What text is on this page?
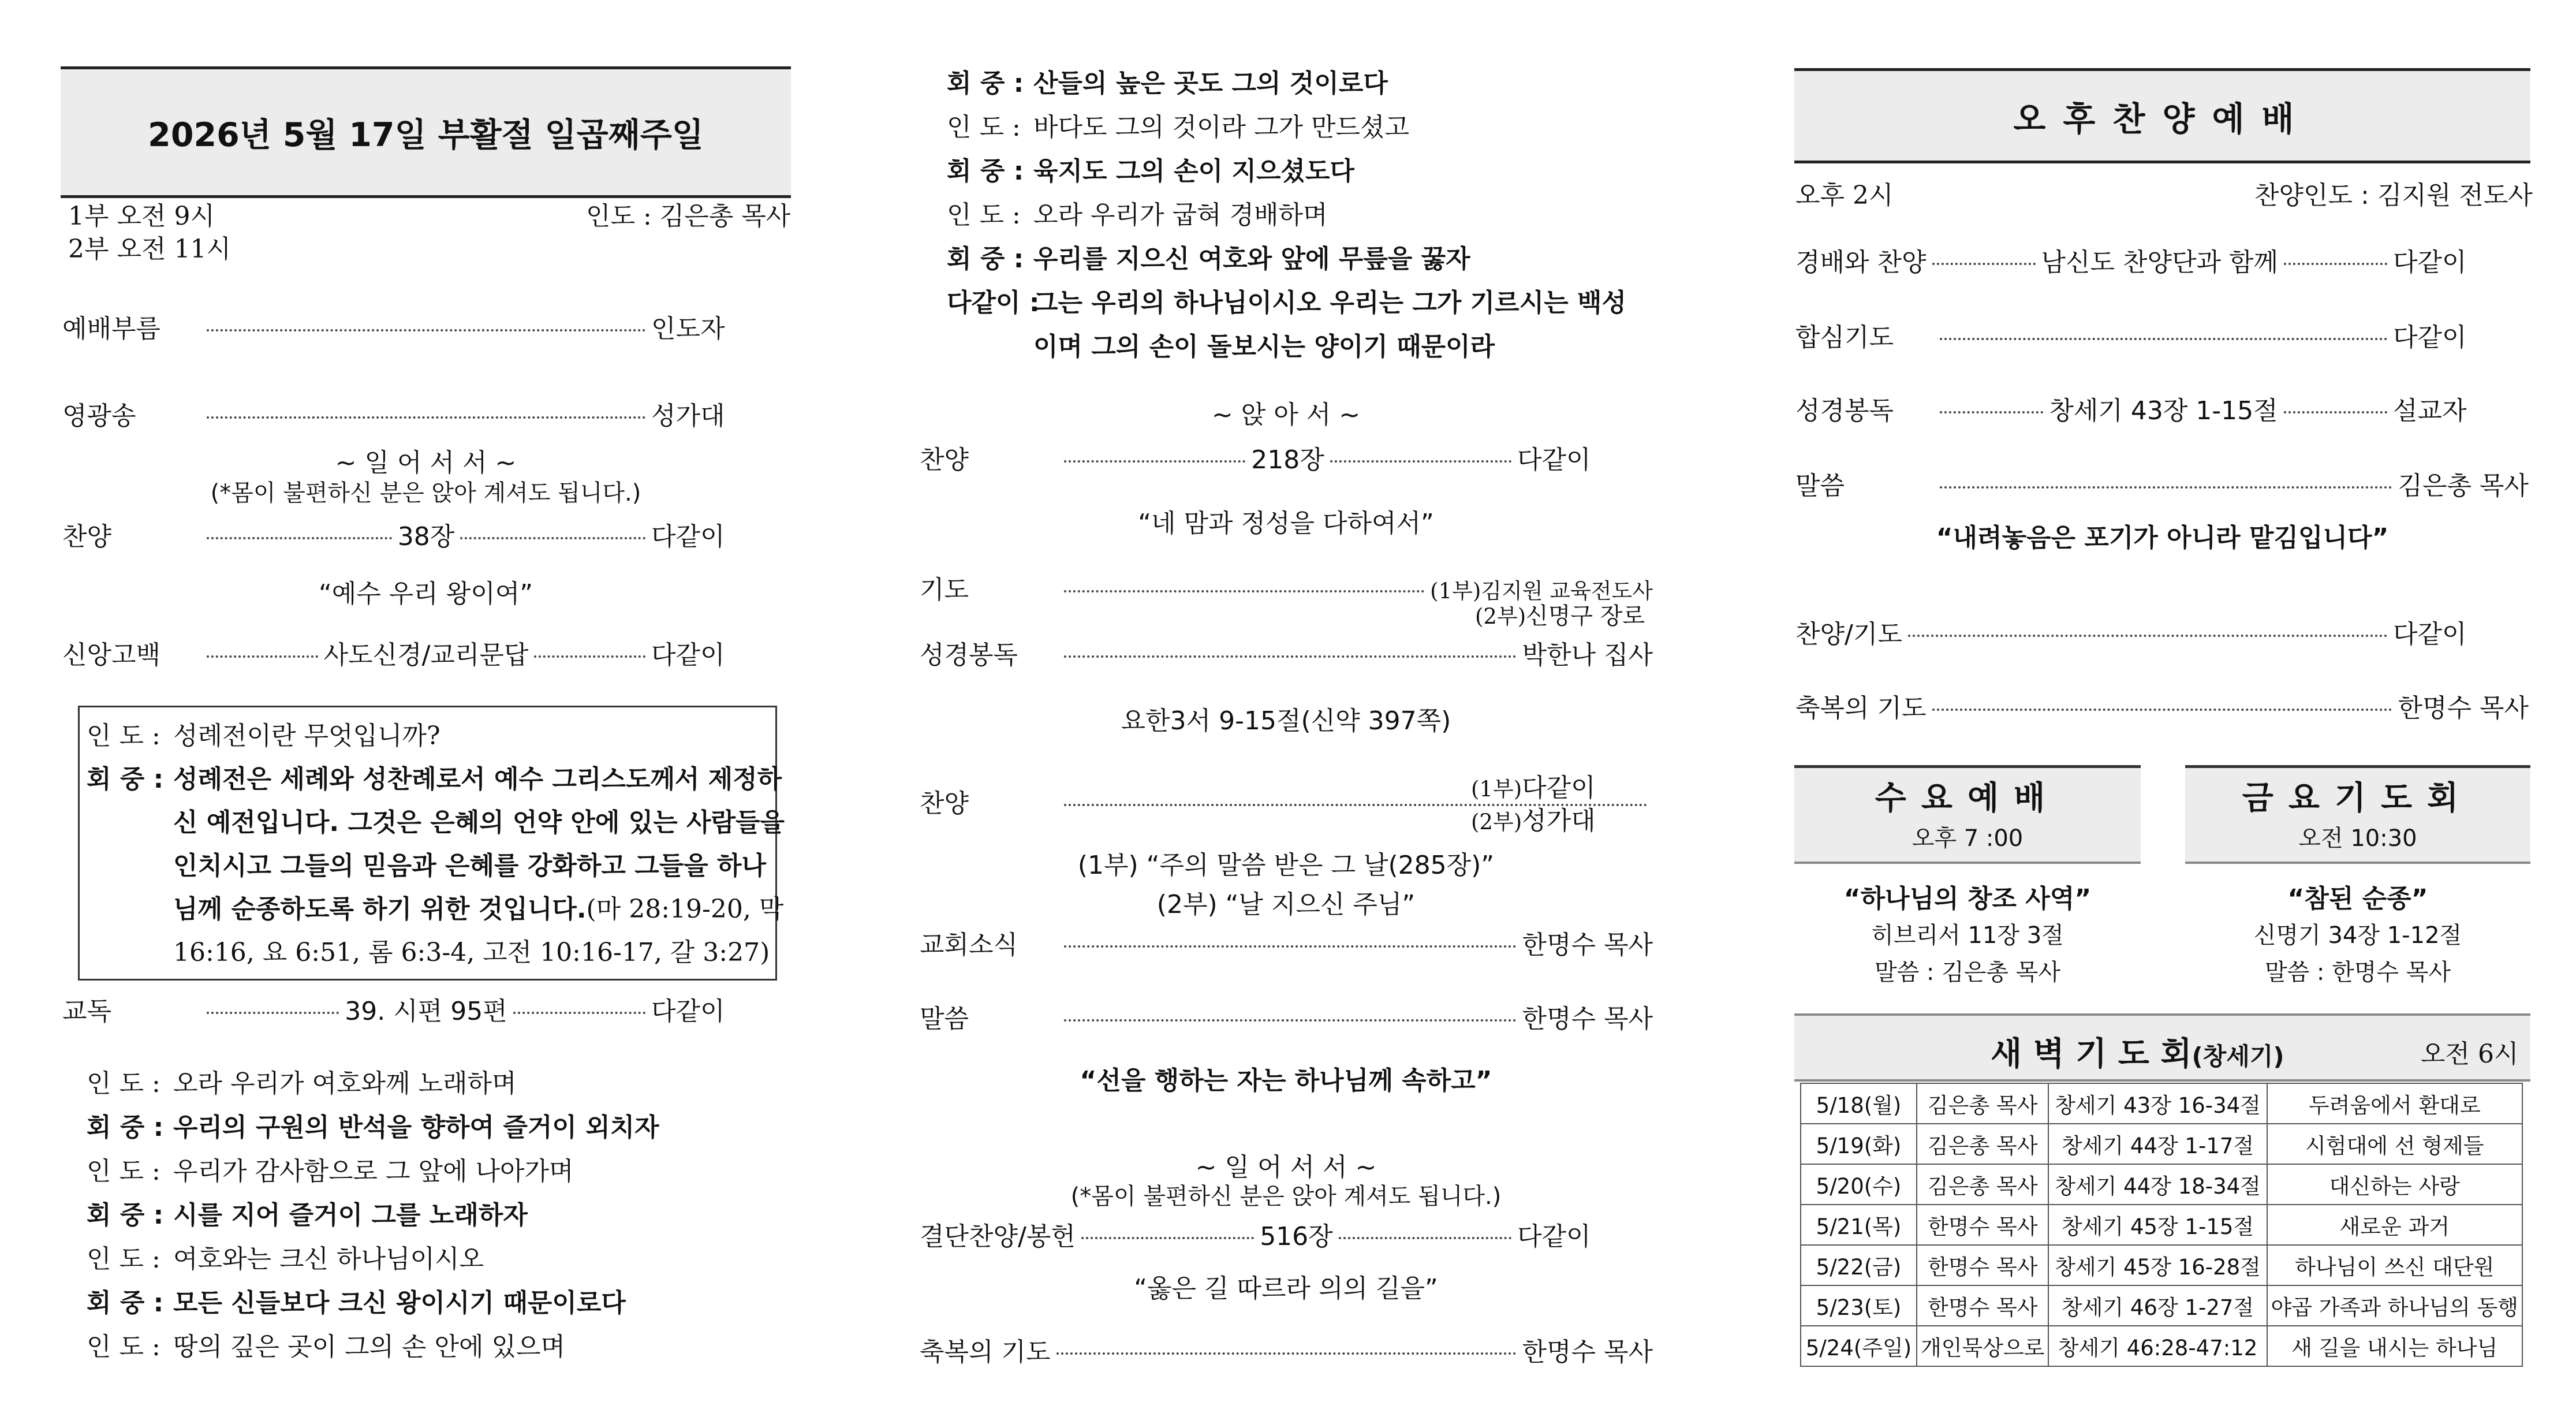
2026년 5월 17일 부활절 일곱째주일
1부 오전 9시
2부 오전 11시
인도 : 김은총 목사
예배부름	인도자
영광송	성가대
~ 일 어 서 서 ~
(*몸이 불편하신 분은 앉아 계셔도 됩니다.)
찬양	38장	다같이
“예수 우리 왕이여”
신앙고백	사도신경/교리문답	다같이
인 도 : 성례전이란 무엇입니까?
회 중 : 성례전은 세례와 성찬례로서 예수 그리스도께서 제정하
신 예전입니다. 그것은 은혜의 언약 안에 있는 사람들을
인치시고 그들의 믿음과 은혜를 강화하고 그들을 하나
님께 순종하도록 하기 위한 것입니다.(마 28:19-20, 막
16:16, 요 6:51, 롬 6:3-4, 고전 10:16-17, 갈 3:27)
교독	39. 시편 95편	다같이
인 도 : 오라 우리가 여호와께 노래하며
회 중 : 우리의 구원의 반석을 향하여 즐거이 외치자
인 도 : 우리가 감사함으로 그 앞에 나아가며
회 중 : 시를 지어 즐거이 그를 노래하자
인 도 : 여호와는 크신 하나님이시오
회 중 : 모든 신들보다 크신 왕이시기 때문이로다
인 도 : 땅의 깊은 곳이 그의 손 안에 있으며
회 중 : 산들의 높은 곳도 그의 것이로다
인 도 : 바다도 그의 것이라 그가 만드셨고
회 중 : 육지도 그의 손이 지으셨도다
인 도 : 오라 우리가 굽혀 경배하며
회 중 : 우리를 지으신 여호와 앞에 무릎을 꿇자
다같이 :그는 우리의 하나님이시오 우리는 그가 기르시는 백성
이며 그의 손이 돌보시는 양이기 때문이라
~ 앉 아 서 ~
찬양	218장	다같이
“네 맘과 정성을 다하여서”
기도	(1부)김지원 교육전도사
(2부)신명구 장로
성경봉독	박한나 집사
요한3서 9-15절(신약 397쪽)
찬양	(1부)다같이
(2부)성가대
(1부) “주의 말씀 받은 그 날(285장)”
(2부) “날 지으신 주님”
교회소식	한명수 목사
말씀	한명수 목사
“선을 행하는 자는 하나님께 속하고”
~ 일 어 서 서 ~
(*몸이 불편하신 분은 앉아 계셔도 됩니다.)
결단찬양/봉헌	516장	다같이
“옳은 길 따르라 의의 길을”
축복의 기도	한명수 목사
오후찬양예배
오후 2시	찬양인도 : 김지원 전도사
경배와 찬양	남신도 찬양단과 함께	다같이
합심기도	다같이
성경봉독	창세기 43장 1-15절	설교자
말씀	김은총 목사
“내려놓음은 포기가 아니라 맡김입니다”
찬양/기도	다같이
축복의 기도	한명수 목사
수요예배
오후 7 :00
“하나님의 창조 사역”
히브리서 11장 3절
말씀 : 김은총 목사
금요기도회
오전 10:30
“참된 순종”
신명기 34장 1-12절
말씀 : 한명수 목사
새 벽 기 도 회(창세기)	오전 6시
5/18(월)	김은총 목사	창세기 43장 16-34절	두려움에서 환대로
5/19(화)	김은총 목사	창세기 44장 1-17절	시험대에 선 형제들
5/20(수)	김은총 목사	창세기 44장 18-34절	대신하는 사랑
5/21(목)	한명수 목사	창세기 45장 1-15절	새로운 과거
5/22(금)	한명수 목사	창세기 45장 16-28절	하나님이 쓰신 대단원
5/23(토)	한명수 목사	창세기 46장 1-27절	야곱 가족과 하나님의 동행
5/24(주일)	개인묵상으로	창세기 46:28-47:12	새 길을 내시는 하나님
